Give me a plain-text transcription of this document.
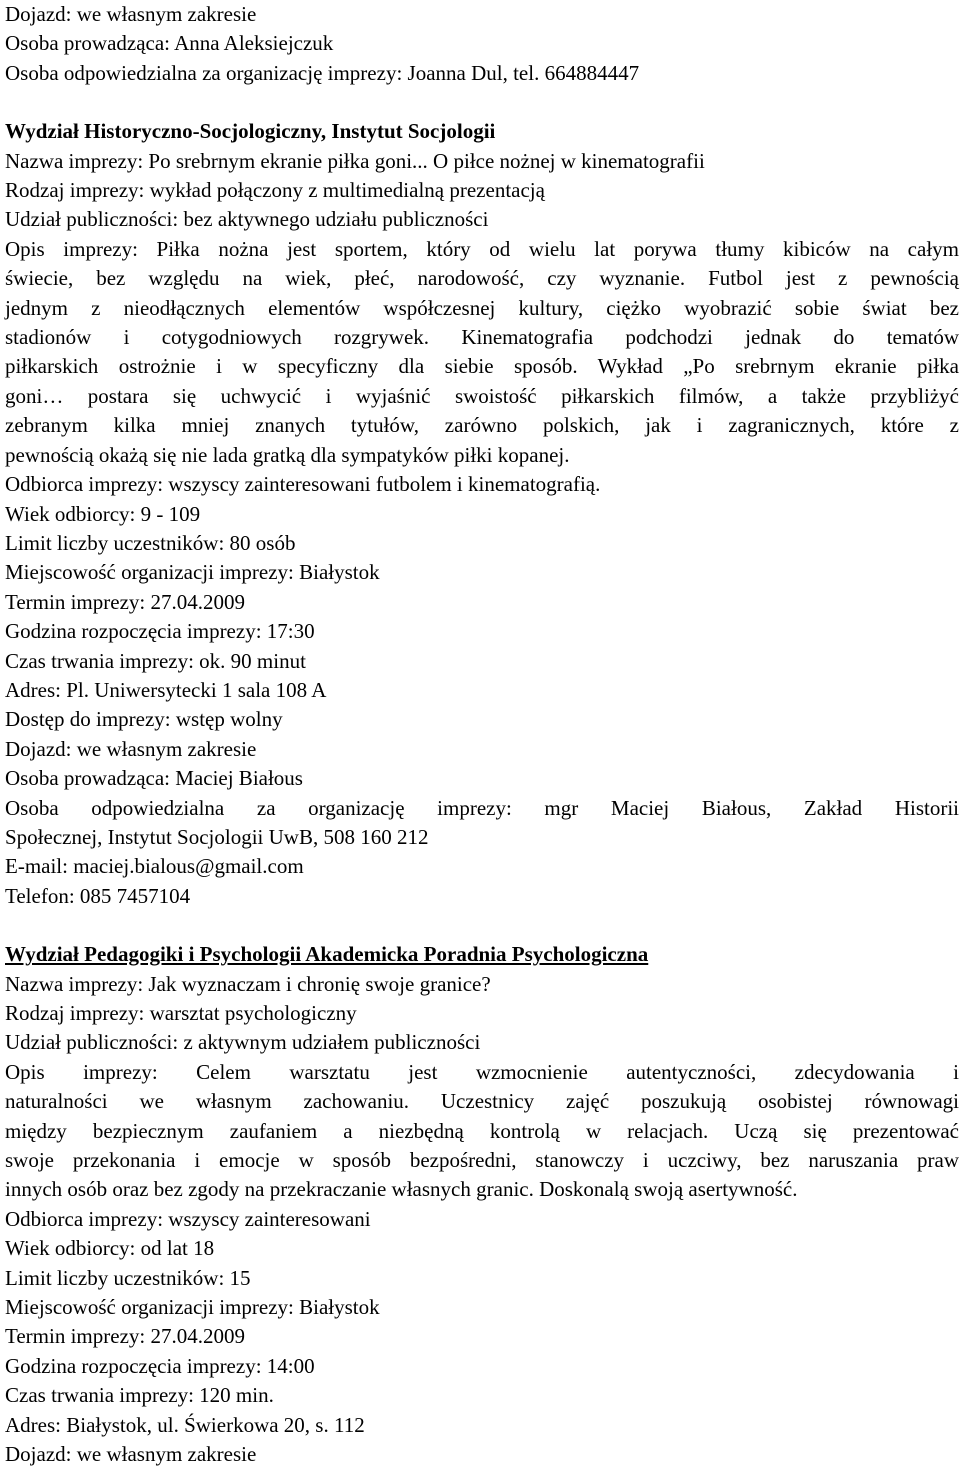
Dojazd: we własnym zakresie
Osoba prowadząca: Anna Aleksiejczuk
Osoba odpowiedzialna za organizację imprezy: Joanna Dul, tel. 664884447
Wydział Historyczno-Socjologiczny, Instytut Socjologii
Nazwa imprezy: Po srebrnym ekranie piłka goni... O piłce nożnej w kinematografii
Rodzaj imprezy: wykład połączony z multimedialną prezentacją
Udział publiczności: bez aktywnego udziału publiczności
Opis imprezy: Piłka nożna jest sportem, który od wielu lat porywa tłumy kibiców na całym
świecie, bez względu na wiek, płeć, narodowość, czy wyznanie. Futbol jest z pewnością
jednym z nieodłącznych elementów współczesnej kultury, ciężko wyobrazić sobie świat bez
stadionów i cotygodniowych rozgrywek. Kinematografia podchodzi jednak do tematów
piłkarskich ostrożnie i w specyficzny dla siebie sposób. Wykład „Po srebrnym ekranie piłka
goni… postara się uchwycić i wyjaśnić swoistość piłkarskich filmów, a także przybliżyć
zebranym kilka mniej znanych tytułów, zarówno polskich, jak i zagranicznych, które z
pewnością okażą się nie lada gratką dla sympatyków piłki kopanej.
Odbiorca imprezy: wszyscy zainteresowani futbolem i kinematografią.
Wiek odbiorcy: 9 - 109
Limit liczby uczestników: 80 osób
Miejscowość organizacji imprezy: Białystok
Termin imprezy: 27.04.2009
Godzina rozpoczęcia imprezy: 17:30
Czas trwania imprezy: ok. 90 minut
Adres: Pl. Uniwersytecki 1 sala 108 A
Dostęp do imprezy: wstęp wolny
Dojazd: we własnym zakresie
Osoba prowadząca: Maciej Białous
Osoba odpowiedzialna za organizację imprezy: mgr Maciej Białous, Zakład Historii
Społecznej, Instytut Socjologii UwB, 508 160 212
E-mail: maciej.bialous@gmail.com
Telefon: 085 7457104
Wydział Pedagogiki i Psychologii Akademicka Poradnia Psychologiczna
Nazwa imprezy: Jak wyznaczam i chronię swoje granice?
Rodzaj imprezy: warsztat psychologiczny
Udział publiczności: z aktywnym udziałem publiczności
Opis imprezy: Celem warsztatu jest wzmocnienie autentyczności, zdecydowania i
naturalności we własnym zachowaniu. Uczestnicy zajęć poszukują osobistej równowagi
między bezpiecznym zaufaniem a niezbędną kontrolą w relacjach. Uczą się prezentować
swoje przekonania i emocje w sposób bezpośredni, stanowczy i uczciwy, bez naruszania praw
innych osób oraz bez zgody na przekraczanie własnych granic. Doskonalą swoją asertywność.
Odbiorca imprezy: wszyscy zainteresowani
Wiek odbiorcy: od lat 18
Limit liczby uczestników: 15
Miejscowość organizacji imprezy: Białystok
Termin imprezy: 27.04.2009
Godzina rozpoczęcia imprezy: 14:00
Czas trwania imprezy: 120 min.
Adres: Białystok, ul. Świerkowa 20, s. 112
Dojazd: we własnym zakresie
